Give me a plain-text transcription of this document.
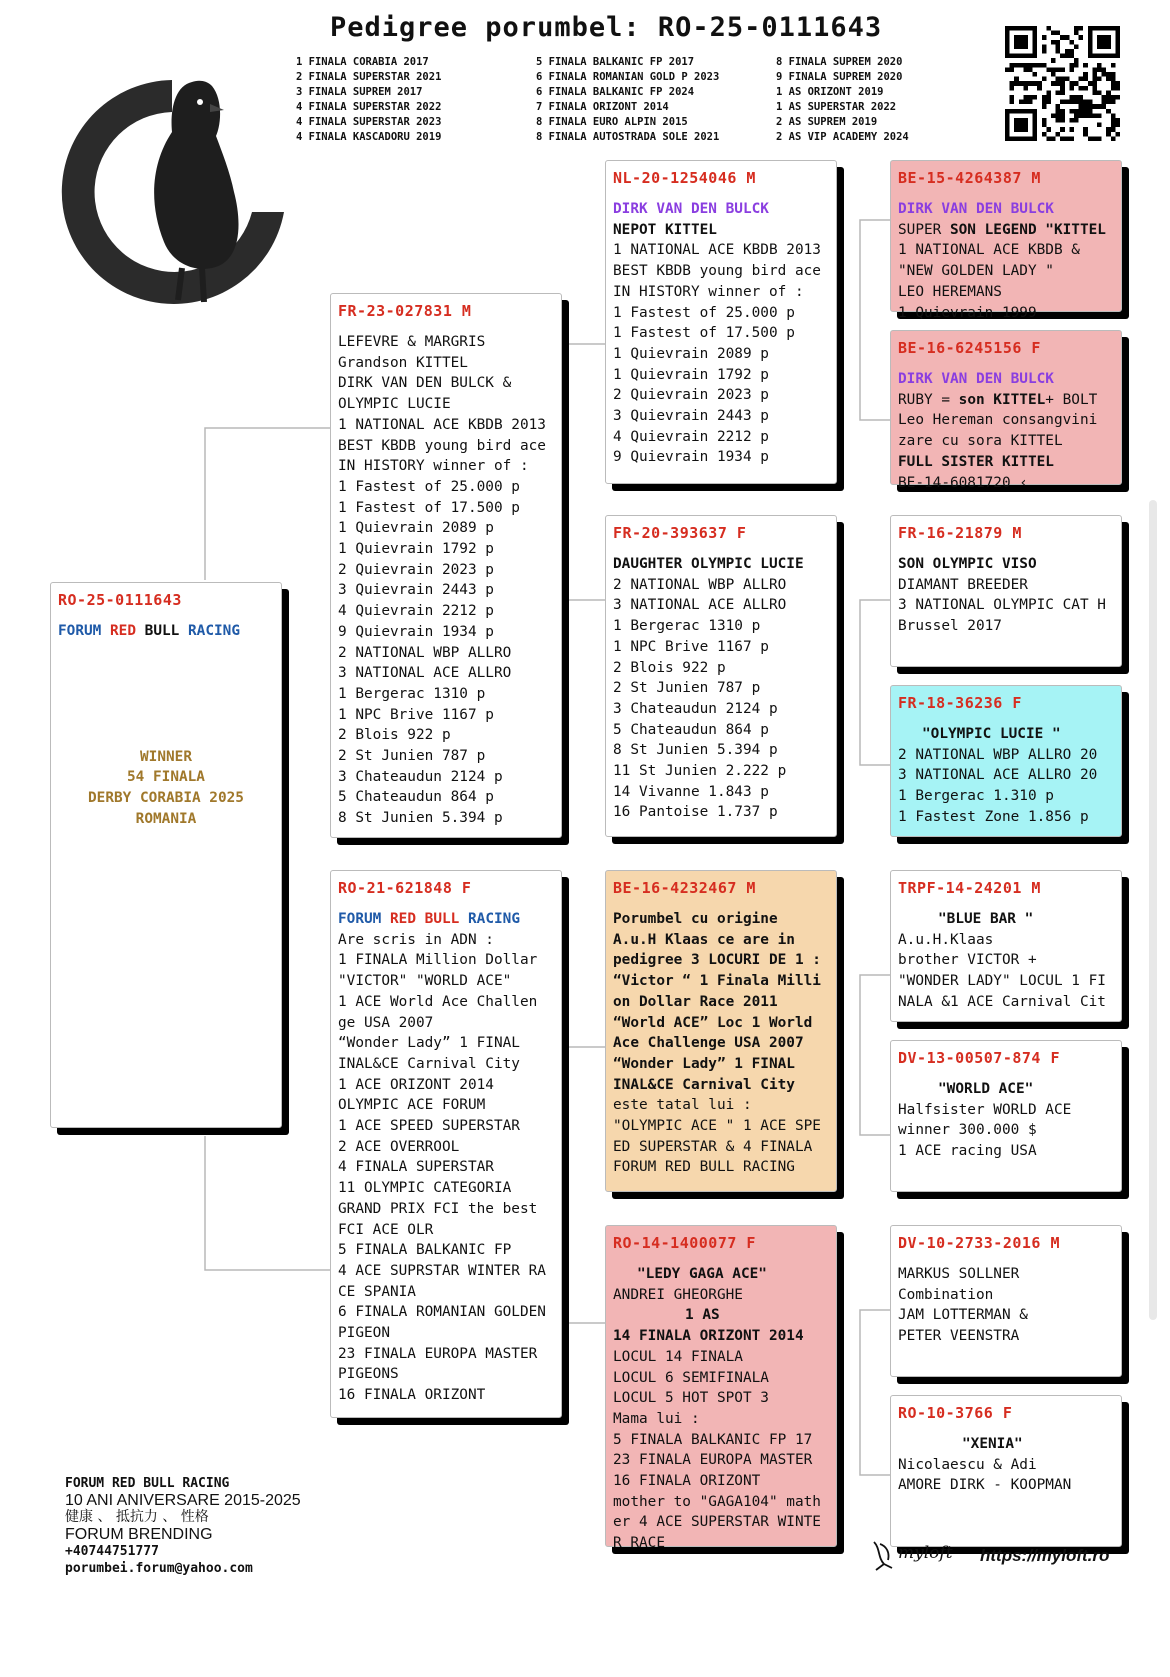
Pedigree porumbel: RO-25-0111643
1 FINALA CORABIA 2017
2 FINALA SUPERSTAR 2021
3 FINALA SUPREM 2017
4 FINALA SUPERSTAR 2022
4 FINALA SUPERSTAR 2023
4 FINALA KASCADORU 2019
5 FINALA BALKANIC FP 2017
6 FINALA ROMANIAN GOLD P 2023
6 FINALA BALKANIC FP 2024
7 FINALA ORIZONT 2014
8 FINALA EURO ALPIN 2015
8 FINALA AUTOSTRADA SOLE 2021
8 FINALA SUPREM 2020
9 FINALA SUPREM 2020
1 AS ORIZONT 2019
1 AS SUPERSTAR 2022
2 AS SUPREM 2019
2 AS VIP ACADEMY 2024
RO-25-0111643
FORUM RED BULL RACING
WINNER
54 FINALA
DERBY CORABIA 2025
ROMANIA
FR-23-027831 M
LEFEVRE & MARGRIS
Grandson KITTEL
DIRK VAN DEN BULCK &
OLYMPIC LUCIE
1 NATIONAL ACE KBDB 2013
BEST KBDB young bird ace
IN HISTORY winner of :
1 Fastest of 25.000 p
1 Fastest of 17.500 p
1 Quievrain 2089 p
1 Quievrain 1792 p
2 Quievrain 2023 p
3 Quievrain 2443 p
4 Quievrain 2212 p
9 Quievrain 1934 p
2 NATIONAL WBP ALLRO
3 NATIONAL ACE ALLRO
1 Bergerac 1310 p
1 NPC Brive 1167 p
2 Blois 922 p
2 St Junien 787 p
3 Chateaudun 2124 p
5 Chateaudun 864 p
8 St Junien 5.394 p
RO-21-621848 F
FORUM RED BULL RACING
Are scris in ADN :
1 FINALA Million Dollar
"VICTOR" "WORLD ACE"
1 ACE World Ace Challen
ge USA 2007
“Wonder Lady” 1 FINAL
INAL&CE Carnival City
1 ACE ORIZONT 2014
OLYMPIC ACE FORUM
1 ACE SPEED SUPERSTAR
2 ACE OVERROOL
4 FINALA SUPERSTAR
11 OLYMPIC CATEGORIA
GRAND PRIX FCI the best
FCI ACE OLR
5 FINALA BALKANIC FP
4 ACE SUPRSTAR WINTER RA
CE SPANIA
6 FINALA ROMANIAN GOLDEN
PIGEON
23 FINALA EUROPA MASTER
PIGEONS
16 FINALA ORIZONT
NL-20-1254046 M
DIRK VAN DEN BULCK
NEPOT KITTEL
1 NATIONAL ACE KBDB 2013
BEST KBDB young bird ace
IN HISTORY winner of :
1 Fastest of 25.000 p
1 Fastest of 17.500 p
1 Quievrain 2089 p
1 Quievrain 1792 p
2 Quievrain 2023 p
3 Quievrain 2443 p
4 Quievrain 2212 p
9 Quievrain 1934 p
FR-20-393637 F
DAUGHTER OLYMPIC LUCIE
2 NATIONAL WBP ALLRO
3 NATIONAL ACE ALLRO
1 Bergerac 1310 p
1 NPC Brive 1167 p
2 Blois 922 p
2 St Junien 787 p
3 Chateaudun 2124 p
5 Chateaudun 864 p
8 St Junien 5.394 p
11 St Junien 2.222 p
14 Vivanne 1.843 p
16 Pantoise 1.737 p
BE-16-4232467 M
Porumbel cu origine
A.u.H Klaas ce are in
pedigree 3 LOCURI DE 1 :
“Victor “ 1 Finala Milli
on Dollar Race 2011
“World ACE” Loc 1 World
Ace Challenge USA 2007
“Wonder Lady” 1 FINAL
INAL&CE Carnival City
este tatal lui :
"OLYMPIC ACE " 1 ACE SPE
ED SUPERSTAR & 4 FINALA
FORUM RED BULL RACING
RO-14-1400077 F
"LEDY GAGA ACE"
ANDREI GHEORGHE
1 AS
14 FINALA ORIZONT 2014
LOCUL 14 FINALA
LOCUL 6 SEMIFINALA
LOCUL 5 HOT SPOT 3
Mama lui :
5 FINALA BALKANIC FP 17
23 FINALA EUROPA MASTER
16 FINALA ORIZONT
mother to "GAGA104" math
er 4 ACE SUPERSTAR WINTE
R RACE
BE-15-4264387 M
DIRK VAN DEN BULCK
SUPER SON LEGEND "KITTEL
1 NATIONAL ACE KBDB &
"NEW GOLDEN LADY "
LEO HEREMANS
1 Quievrain 1999
BE-16-6245156 F
DIRK VAN DEN BULCK
RUBY = son KITTEL+ BOLT
Leo Hereman consangvini
zare cu sora KITTEL
FULL SISTER KITTEL
BE-14-6081720 ‹
FR-16-21879 M
SON OLYMPIC VISO
DIAMANT BREEDER
3 NATIONAL OLYMPIC CAT H
Brussel 2017
FR-18-36236 F
"OLYMPIC LUCIE "
2 NATIONAL WBP ALLRO 20
3 NATIONAL ACE ALLRO 20
1 Bergerac 1.310 p
1 Fastest Zone 1.856 p
TRPF-14-24201 M
"BLUE BAR "
A.u.H.Klaas
brother VICTOR +
"WONDER LADY" LOCUL 1 FI
NALA &1 ACE Carnival Cit
DV-13-00507-874 F
"WORLD ACE"
Halfsister WORLD ACE
winner 300.000 $
1 ACE racing USA
DV-10-2733-2016 M
MARKUS SOLLNER
Combination
JAM LOTTERMAN &
PETER VEENSTRA
RO-10-3766 F
"XENIA"
Nicolaescu & Adi
AMORE DIRK - KOOPMAN
FORUM RED BULL RACING
10 ANI ANIVERSARE 2015-2025
健康 、 抵抗力 、 性格
FORUM BRENDING
+40744751777
porumbei.forum@yahoo.com
myloft https://myloft.ro
